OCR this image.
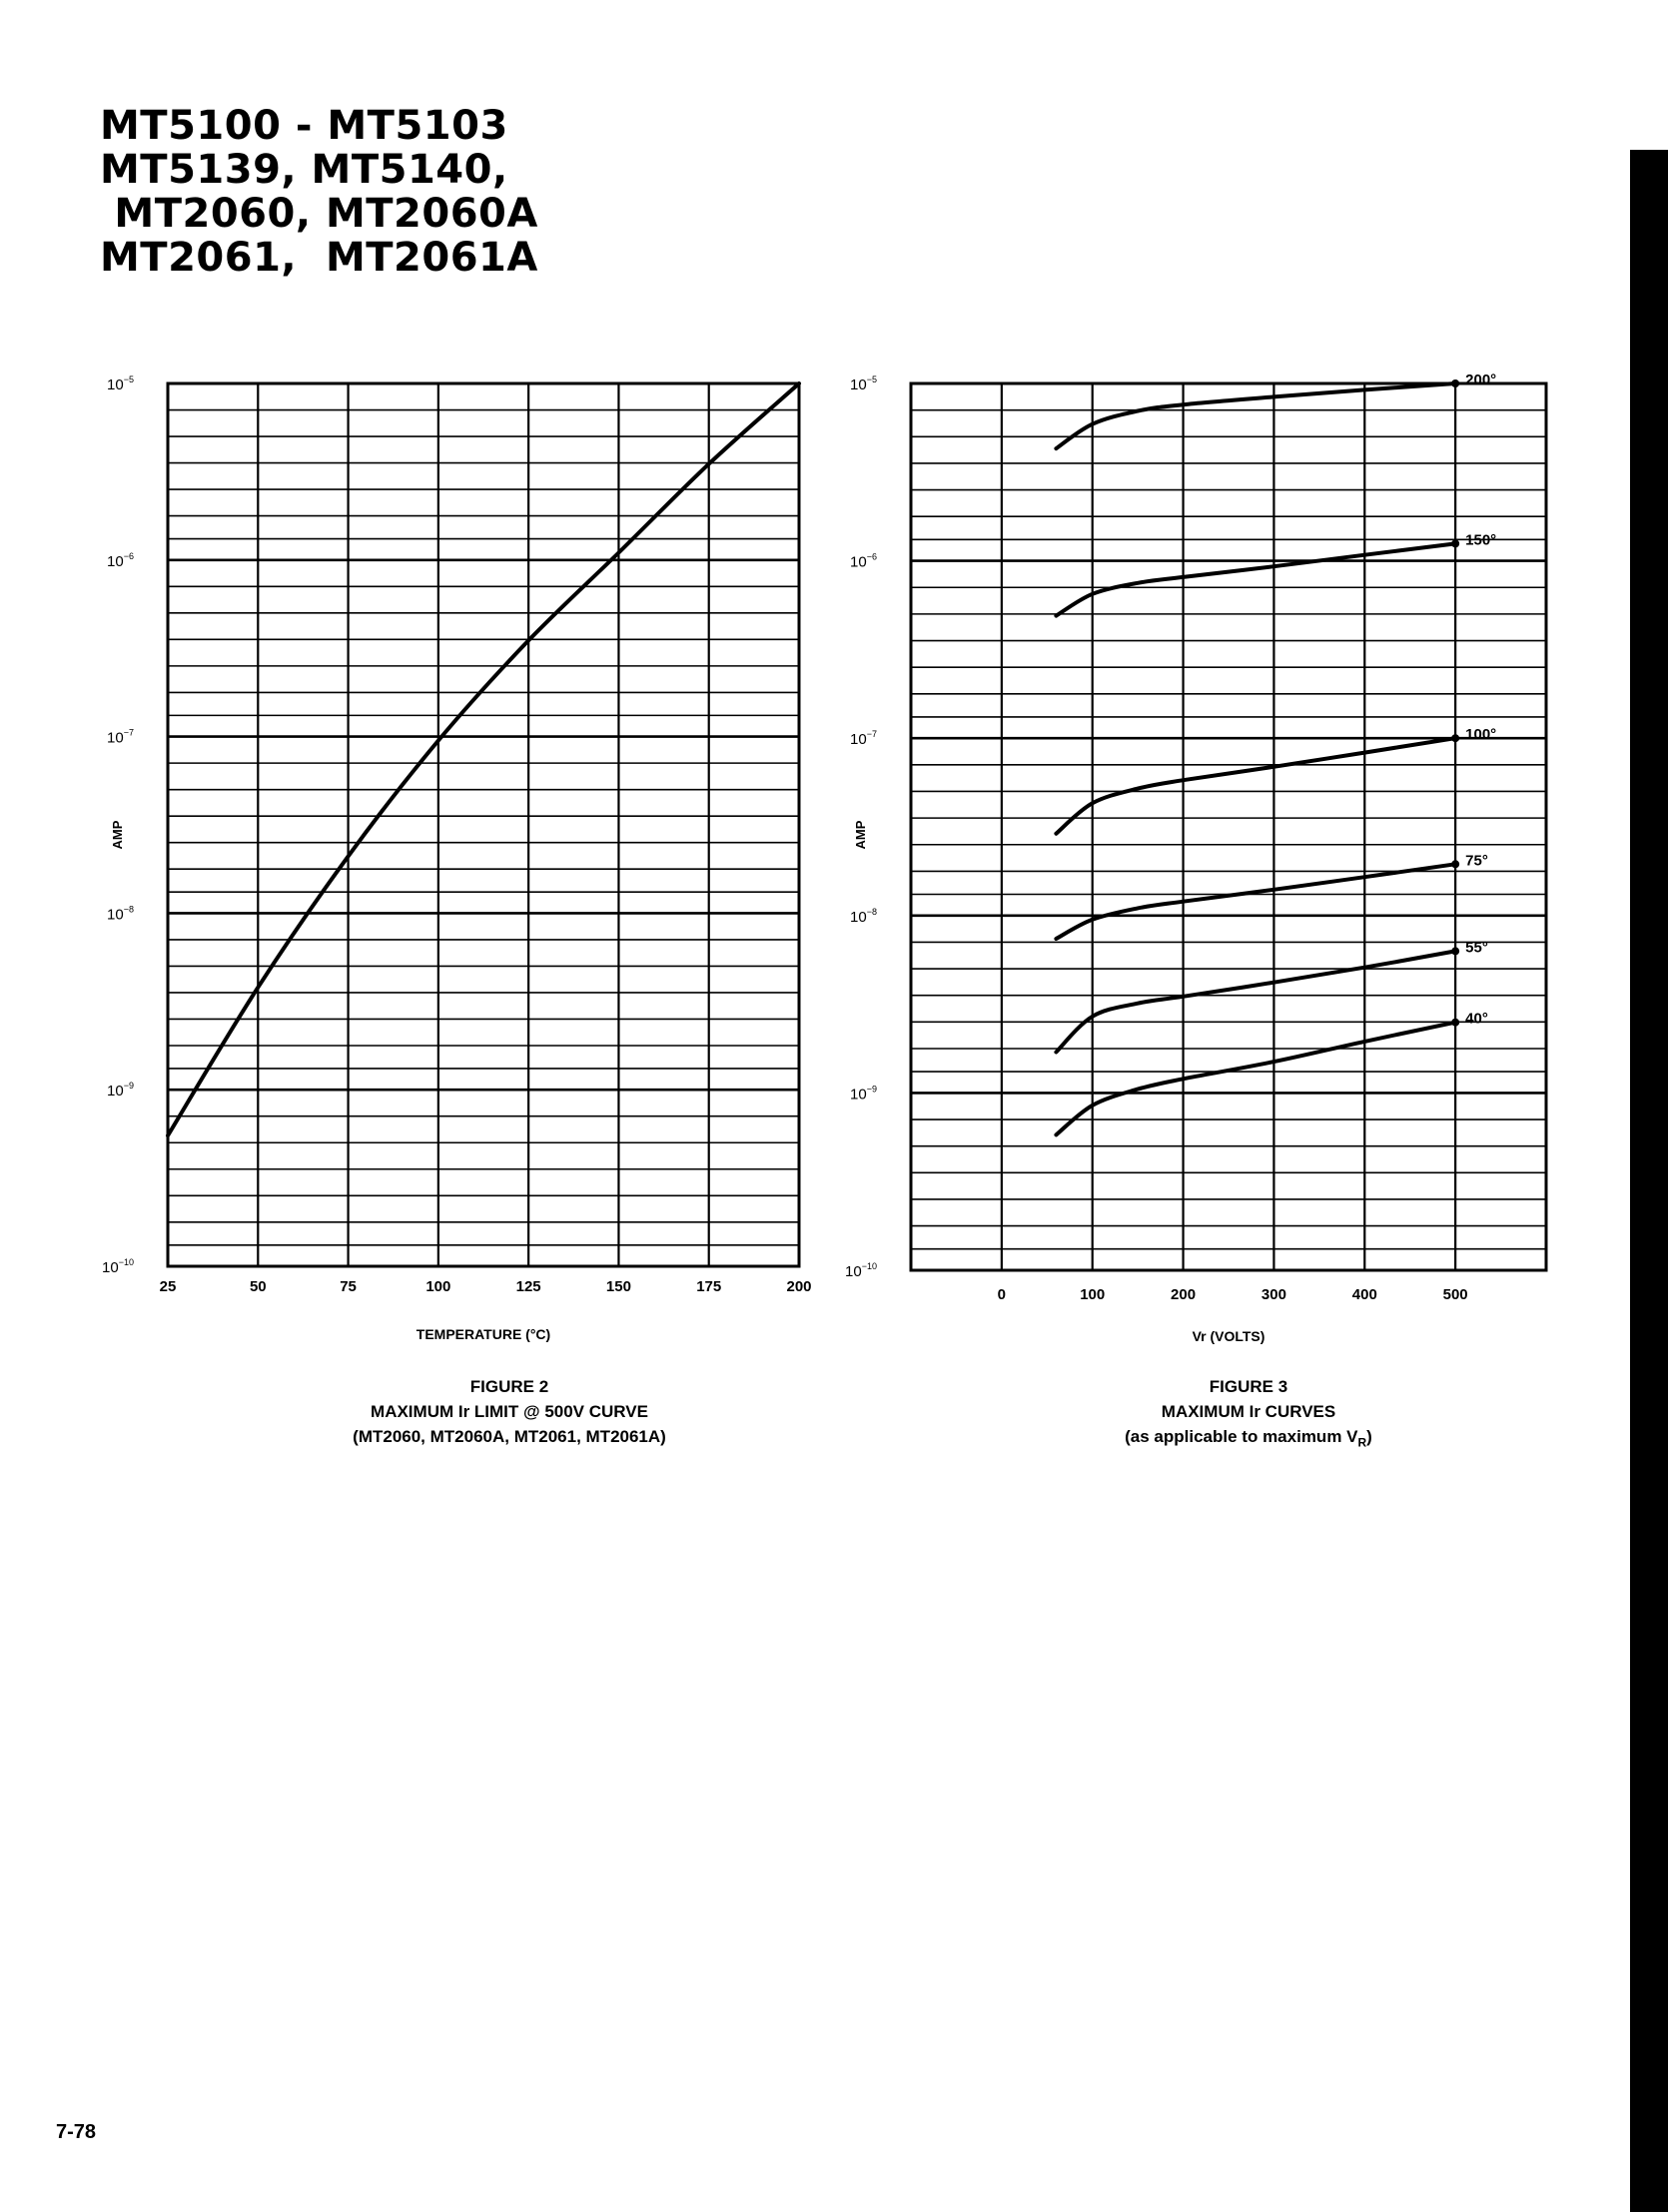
MT5100 - MT5103
MT5139, MT5140,
MT2060, MT2060A
MT2061,  MT2061A
$10^{-5}$
$10^{-6}$
$10^{-7}$
$10^{-8}$
$10^{-9}$
$10^{-10}$
25	50	75	100	125	150	175	200
TEMPERATURE (°C)
AMP
$10^{-5}$
$10^{-6}$
$10^{-7}$
$10^{-8}$
$10^{-9}$
$10^{-10}$
0	100	200	300	400	500
Vr (VOLTS)
AMP
200°
150°
100°
75°
55°
40°
FIGURE 2
MAXIMUM Ir LIMIT @ 500V CURVE
(MT2060, MT2060A, MT2061, MT2061A)
FIGURE 3
MAXIMUM Ir CURVES
(as applicable to maximum $V_R$)
7-78
